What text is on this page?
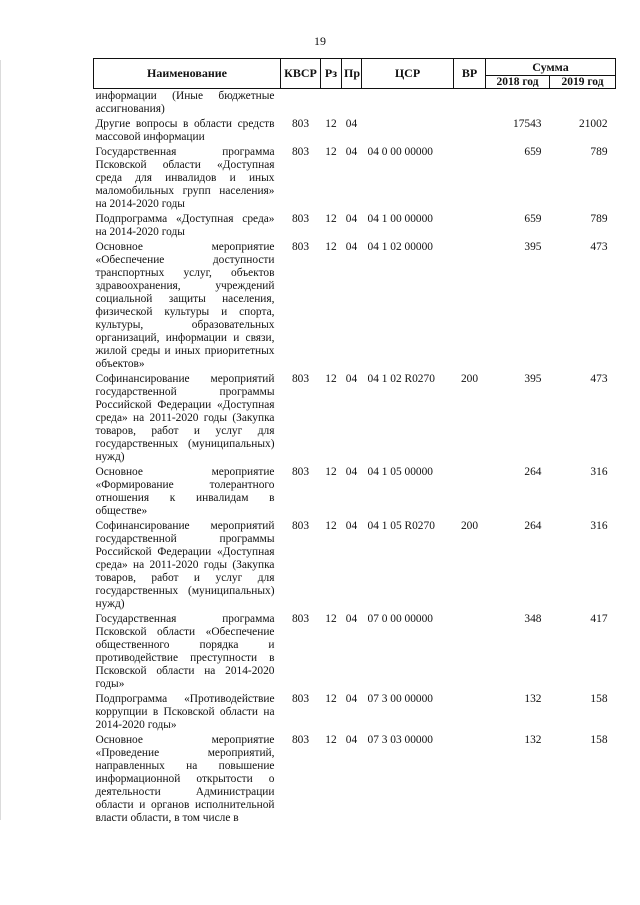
19
Наименование	КВСР	Рз	Пр	ЦСР	ВР	Сумма	
						2018 год	2019 год
информации (Иные бюджетные ассигнования)							
Другие вопросы в области средств массовой информации	803	12	04			17543	21002
Государственная программа Псковской области «Доступная среда для инвалидов и иных маломобильных групп населения» на 2014-2020 годы	803	12	04	04 0 00 00000		659	789
Подпрограмма «Доступная среда» на 2014-2020 годы	803	12	04	04 1 00 00000		659	789
Основное мероприятие «Обеспечение доступности транспортных услуг, объектов здравоохранения, учреждений социальной защиты населения, физической культуры и спорта, культуры, образовательных организаций, информации и связи, жилой среды и иных приоритетных объектов»	803	12	04	04 1 02 00000		395	473
Софинансирование мероприятий государственной программы Российской Федерации «Доступная среда» на 2011-2020 годы (Закупка товаров, работ и услуг для государственных (муниципальных) нужд)	803	12	04	04 1 02 R0270	200	395	473
Основное мероприятие «Формирование толерантного отношения к инвалидам в обществе»	803	12	04	04 1 05 00000		264	316
Софинансирование мероприятий государственной программы Российской Федерации «Доступная среда» на 2011-2020 годы (Закупка товаров, работ и услуг для государственных (муниципальных) нужд)	803	12	04	04 1 05 R0270	200	264	316
Государственная программа Псковской области «Обеспечение общественного порядка и противодействие преступности в Псковской области на 2014-2020 годы»	803	12	04	07 0 00 00000		348	417
Подпрограмма «Противодействие коррупции в Псковской области на 2014-2020 годы»	803	12	04	07 3 00 00000		132	158
Основное мероприятие «Проведение мероприятий, направленных на повышение информационной открытости о деятельности Администрации области и органов исполнительной власти области, в том числе в	803	12	04	07 3 03 00000		132	158
